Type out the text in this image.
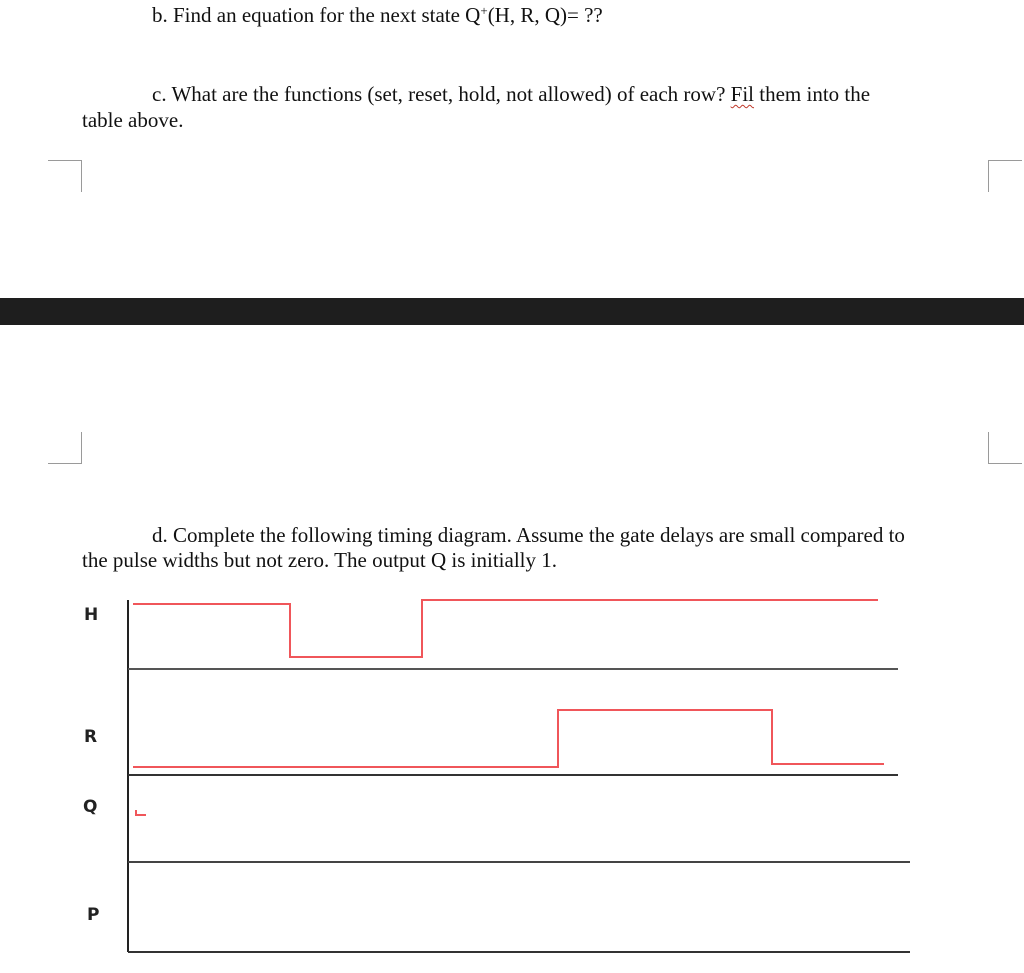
b. Find an equation for the next state Q+(H, R, Q)= ??

c. What are the functions (set, reset, hold, not allowed) of each row? Fil them into the

table above.

d. Complete the following timing diagram. Assume the gate delays are small compared to

the pulse widths but not zero. The output Q is initially 1.

H
R
Q
P
